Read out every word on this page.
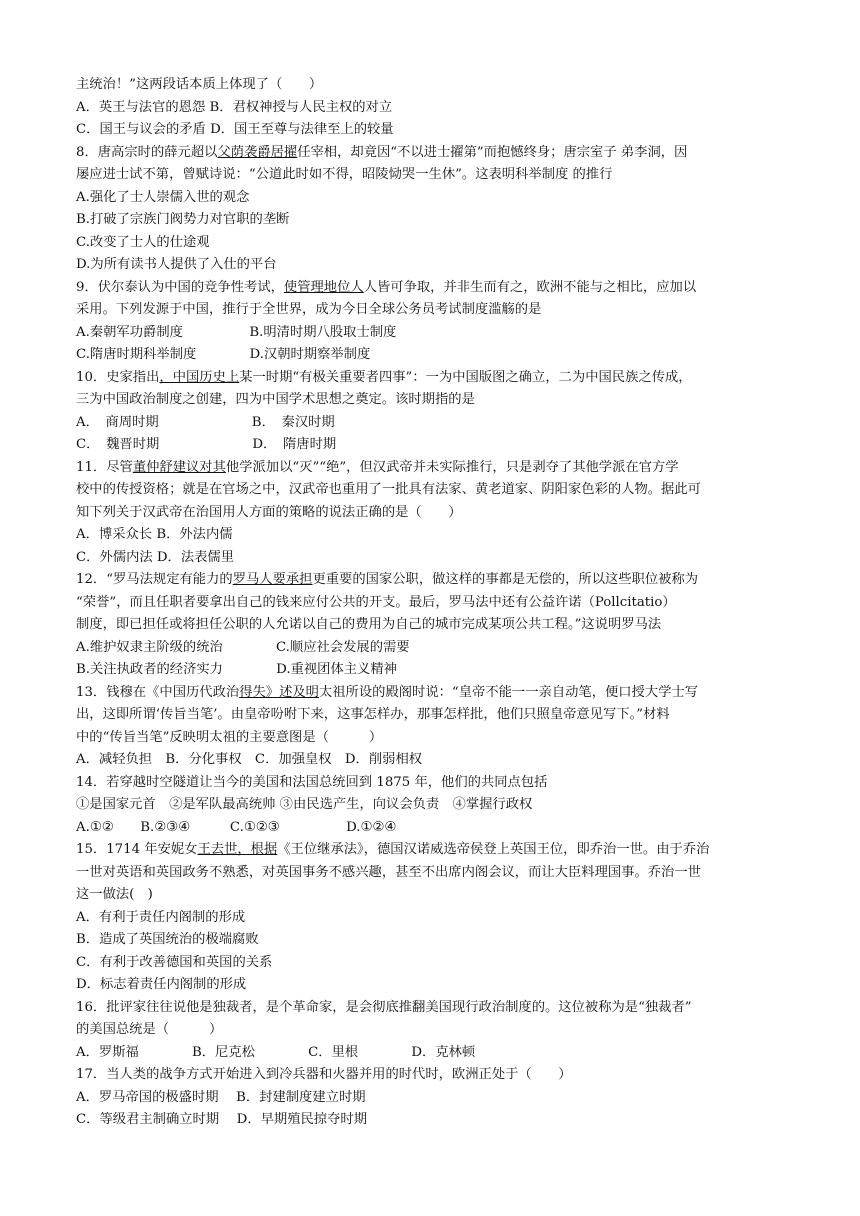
主统治！”这两段话本质上体现了（　　）
A．英王与法官的恩怨 B．君权神授与人民主权的对立
C．国王与议会的矛盾 D．国王至尊与法律至上的较量
8．唐高宗时的薛元超以父荫袭爵居擢任宰相，却竟因“不以进士擢第”而抱憾终身；唐宗室子 弟李洞，因
屡应进士试不第，曾赋诗说：“公道此时如不得，昭陵恸哭一生休”。这表明科举制度 的推行
A.强化了士人崇儒入世的观念
B.打破了宗族门阀势力对官职的垄断
C.改变了士人的仕途观
D.为所有读书人提供了入仕的平台
9．伏尔泰认为中国的竞争性考试，使管理地位人人皆可争取，并非生而有之，欧洲不能与之相比，应加以
采用。下列发源于中国，推行于全世界，成为今日全球公务员考试制度滥觞的是
A.秦朝军功爵制度　　　　　B.明清时期八股取士制度
C.隋唐时期科举制度　　　　D.汉朝时期察举制度
10．史家指出，中国历史上某一时期“有极关重要者四事”：一为中国版图之确立，二为中国民族之传成，
三为中国政治制度之创建，四为中国学术思想之奠定。该时期指的是
A．　商周时期　　　　　　　B．　秦汉时期
C．　魏晋时期　　　　　　　D．　隋唐时期
11．尽管董仲舒建议对其他学派加以“灭”“绝”，但汉武帝并未实际推行，只是剥夺了其他学派在官方学
校中的传授资格；就是在官场之中，汉武帝也重用了一批具有法家、黄老道家、阴阳家色彩的人物。据此可
知下列关于汉武帝在治国用人方面的策略的说法正确的是（　　）
A．博采众长 B．外法内儒
C．外儒内法 D．法表儒里
12．“罗马法规定有能力的罗马人要承担更重要的国家公职，做这样的事都是无偿的，所以这些职位被称为
“荣誉”，而且任职者要拿出自己的钱来应付公共的开支。最后，罗马法中还有公益许诺（Pollcitatio）
制度，即已担任或将担任公职的人允诺以自己的费用为自己的城市完成某项公共工程。”这说明罗马法
A.维护奴隶主阶级的统治　　　　C.顺应社会发展的需要
B.关注执政者的经济实力　　　　D.重视团体主义精神
13．钱穆在《中国历代政治得失》述及明太祖所设的殿阁时说：“皇帝不能一一亲自动笔，便口授大学士写
出，这即所谓‘传旨当笔’。由皇帝吩咐下来，这事怎样办，那事怎样批，他们只照皇帝意见写下。”材料
中的“传旨当笔”反映明太祖的主要意图是（　　　）
A．减轻负担　B．分化事权　C．加强皇权　D．削弱相权
14．若穿越时空隧道让当今的美国和法国总统回到 1875 年，他们的共同点包括
①是国家元首　②是军队最高统帅 ③由民选产生，向议会负责　④掌握行政权
A.①②　　B.②③④　　　C.①②③　　　　　D.①②④
15．1714 年安妮女王去世，根据《王位继承法》，德国汉诺威选帝侯登上英国王位，即乔治一世。由于乔治
一世对英语和英国政务不熟悉，对英国事务不感兴趣，甚至不出席内阁会议，而让大臣料理国事。乔治一世
这一做法(　)
A．有利于责任内阁制的形成
B．造成了英国统治的极端腐败
C．有利于改善德国和英国的关系
D．标志着责任内阁制的形成
16．批评家往往说他是独裁者，是个革命家，是会彻底推翻美国现行政治制度的。这位被称为是“独裁者”
的美国总统是（　　　）
A．罗斯福　　　　B．尼克松　　　　C．里根　　　　D．克林顿
17．当人类的战争方式开始进入到冷兵器和火器并用的时代时，欧洲正处于（　　）
A．罗马帝国的极盛时期　 B．封建制度建立时期
C．等级君主制确立时期　 D．早期殖民掠夺时期
